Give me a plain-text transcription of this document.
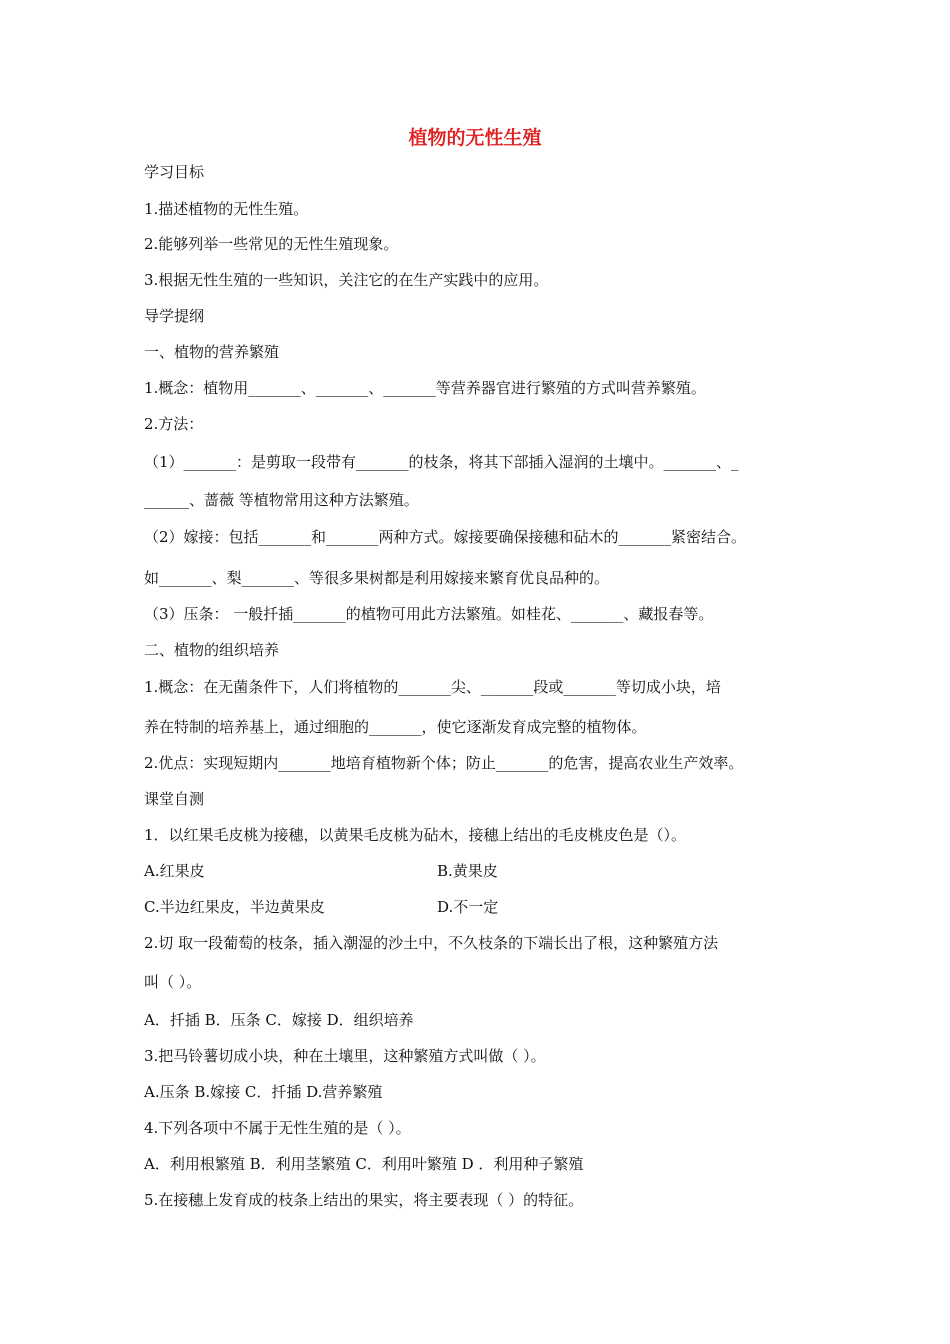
植物的无性生殖
学习目标
1.描述植物的无性生殖。
2.能够列举一些常见的无性生殖现象。
3.根据无性生殖的一些知识，关注它的在生产实践中的应用。
导学提纲
一、植物的营养繁殖
1.概念：植物用_______、_______、_______等营养器官进行繁殖的方式叫营养繁殖。
2.方法：
（1）_______：是剪取一段带有_______的枝条，将其下部插入湿润的土壤中。_______、_
______、蔷薇 等植物常用这种方法繁殖。
（2）嫁接：包括_______和_______两种方式。嫁接要确保接穗和砧木的_______紧密结合。
如_______、梨_______、等很多果树都是利用嫁接来繁育优良品种的。
（3）压条： 一般扦插_______的植物可用此方法繁殖。如桂花、_______、藏报春等。
二、植物的组织培养
1.概念：在无菌条件下，人们将植物的_______尖、_______段或_______等切成小块，培
养在特制的培养基上，通过细胞的_______，使它逐渐发育成完整的植物体。
2.优点：实现短期内_______地培育植物新个体；防止_______的危害，提高农业生产效率。
课堂自测
1．以红果毛皮桃为接穗，以黄果毛皮桃为砧木，接穗上结出的毛皮桃皮色是（）。
A.红果皮	B.黄果皮
C.半边红果皮，半边黄果皮	D.不一定
2.切 取一段葡萄的枝条，插入潮湿的沙土中，不久枝条的下端长出了根，这种繁殖方法
叫（ ）。
A．扦插 B．压条 C．嫁接 D．组织培养
3.把马铃薯切成小块，种在土壤里，这种繁殖方式叫做（ ）。
A.压条 B.嫁接 C．扦插 D.营养繁殖
4.下列各项中不属于无性生殖的是（ ）。
A．利用根繁殖 B．利用茎繁殖 C．利用叶繁殖 D ．利用种子繁殖
5.在接穗上发育成的枝条上结出的果实，将主要表现（ ）的特征。
